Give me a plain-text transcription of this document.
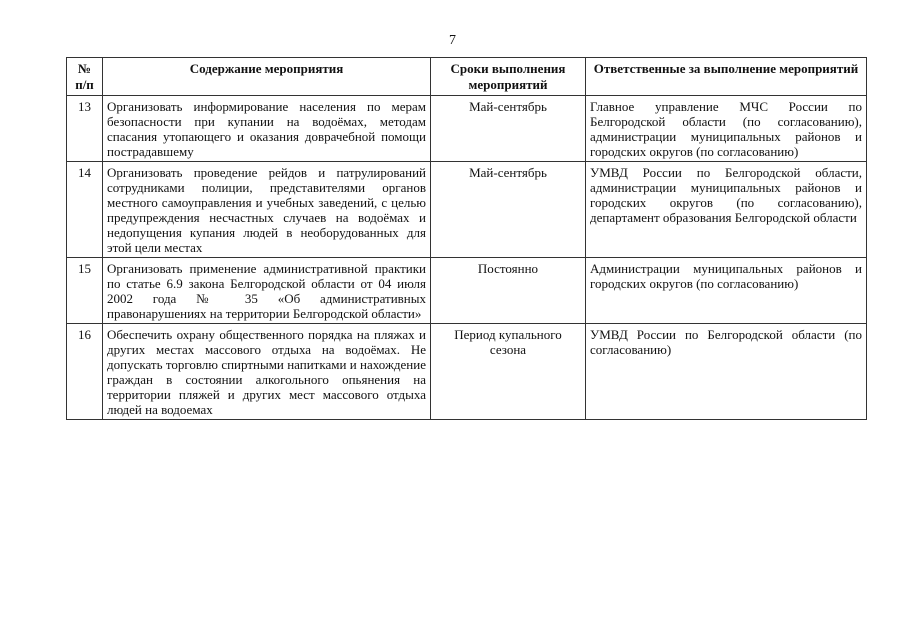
7
№ п/п	Содержание мероприятия	Сроки выполнения мероприятий	Ответственные за выполнение мероприятий
13	Организовать информирование населения по мерам безопасности при купании на водоёмах, методам спасания утопающего и оказания доврачебной помощи пострадавшему	Май-сентябрь	Главное управление МЧС России по Белгородской области (по согласованию), администрации муниципальных районов и городских округов (по согласованию)
14	Организовать проведение рейдов и патрулирований сотрудниками полиции, представителями органов местного самоуправления и учебных заведений, с целью предупреждения несчастных случаев на водоёмах и недопущения купания людей в необорудованных для этой цели местах	Май-сентябрь	УМВД России по Белгородской области, администрации муниципальных районов и городских округов (по согласованию), департамент образования Белгородской области
15	Организовать применение административной практики по статье 6.9 закона Белгородской области от 04 июля 2002 года № 35 «Об административных правонарушениях на территории Белгородской области»	Постоянно	Администрации муниципальных районов и городских округов (по согласованию)
16	Обеспечить охрану общественного порядка на пляжах и других местах массового отдыха на водоёмах. Не допускать торговлю спиртными напитками и нахождение граждан в состоянии алкогольного опьянения на территории пляжей и других мест массового отдыха людей на водоемах	Период купального сезона	УМВД России по Белгородской области (по согласованию)
